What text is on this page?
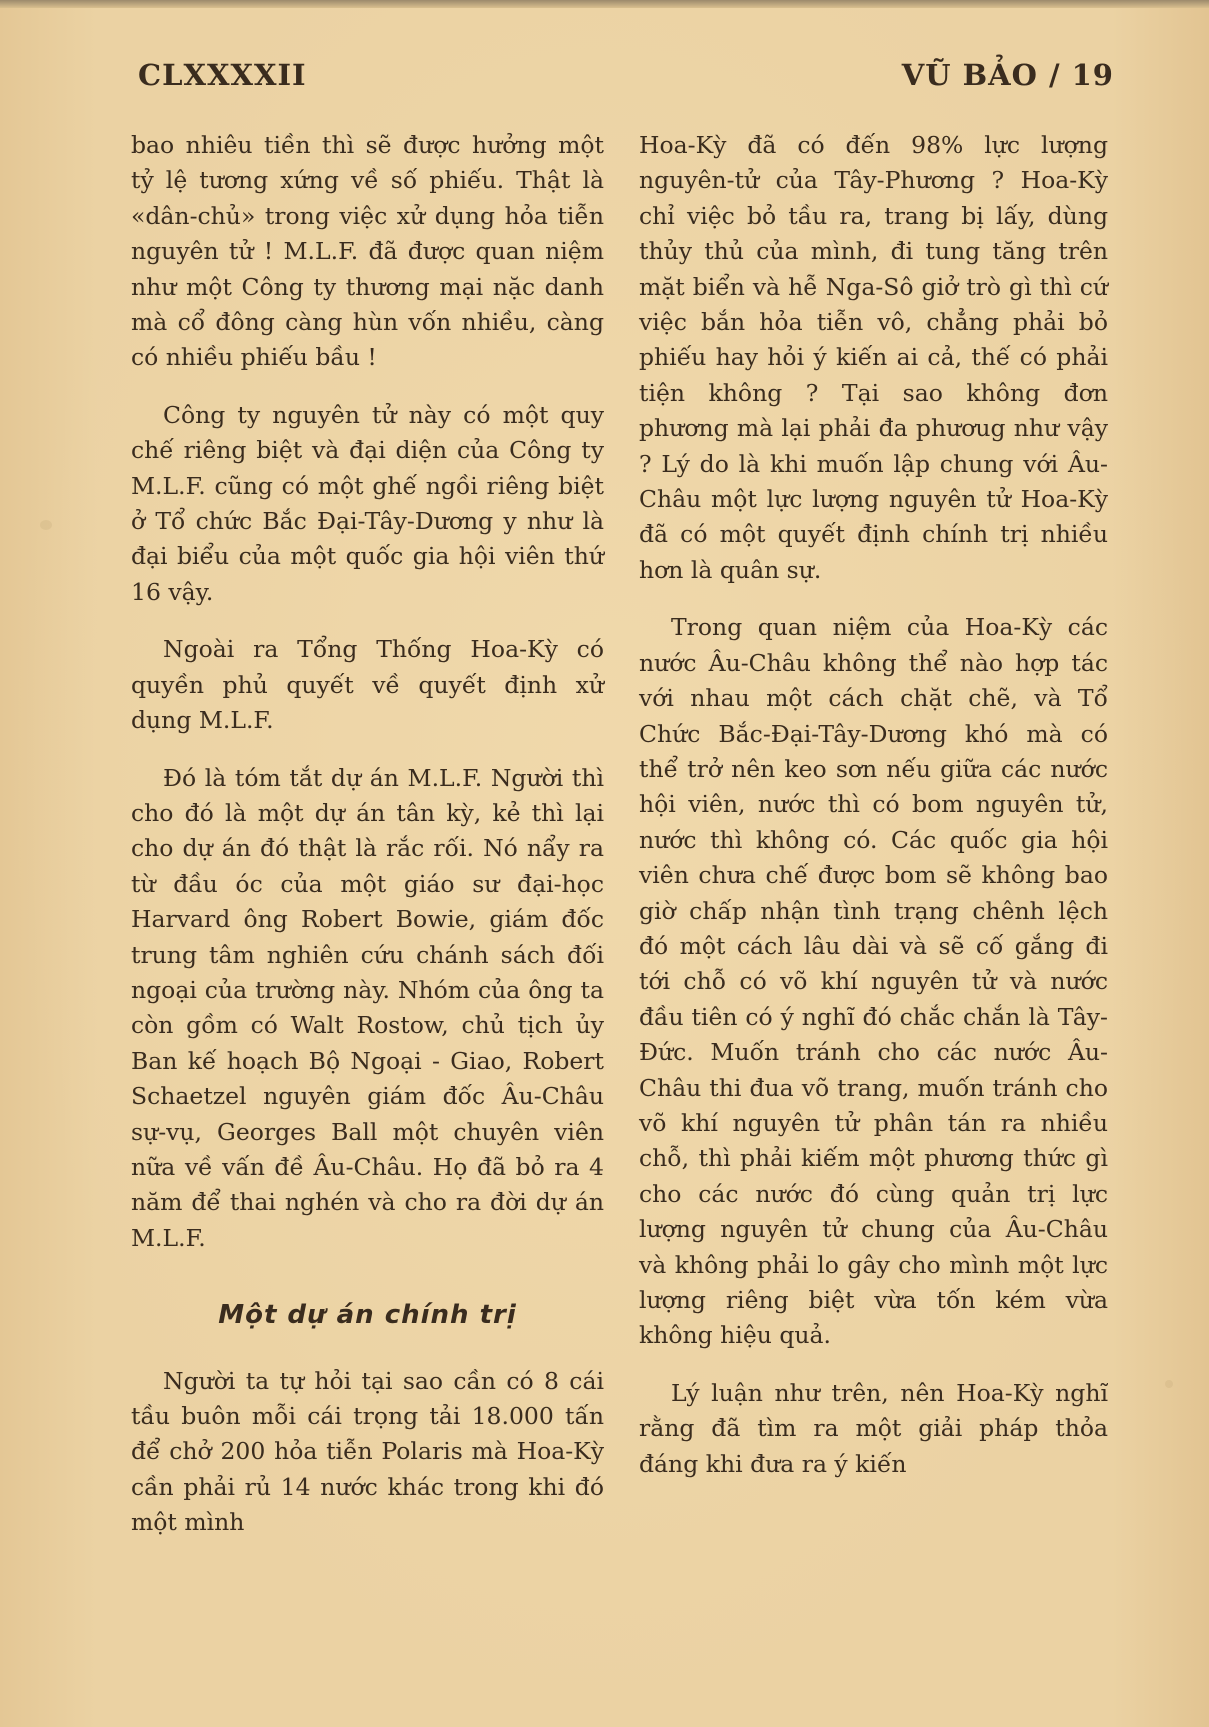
CLXXXXII	VŨ BẢO / 19

bao nhiêu tiền thì sẽ được hưởng một tỷ lệ tương xứng về số phiếu. Thật là «dân-chủ» trong việc xử dụng hỏa tiễn nguyên tử ! M.L.F. đã được quan niệm như một Công ty thương mại nặc danh mà cổ đông càng hùn vốn nhiều, càng có nhiều phiếu bầu !

Công ty nguyên tử này có một quy chế riêng biệt và đại diện của Công ty M.L.F. cũng có một ghế ngồi riêng biệt ở Tổ chức Bắc Đại-Tây-Dương y như là đại biểu của một quốc gia hội viên thứ 16 vậy.

Ngoài ra Tổng Thống Hoa-Kỳ có quyền phủ quyết về quyết định xử dụng M.L.F.

Đó là tóm tắt dự án M.L.F. Người thì cho đó là một dự án tân kỳ, kẻ thì lại cho dự án đó thật là rắc rối. Nó nẩy ra từ đầu óc của một giáo sư đại-học Harvard ông Robert Bowie, giám đốc trung tâm nghiên cứu chánh sách đối ngoại của trường này. Nhóm của ông ta còn gồm có Walt Rostow, chủ tịch ủy Ban kế hoạch Bộ Ngoại - Giao, Robert Schaetzel nguyên giám đốc Âu-Châu sự-vụ, Georges Ball một chuyên viên nữa về vấn đề Âu-Châu. Họ đã bỏ ra 4 năm để thai nghén và cho ra đời dự án M.L.F.

Một dự án chính trị

Người ta tự hỏi tại sao cần có 8 cái tầu buôn mỗi cái trọng tải 18.000 tấn để chở 200 hỏa tiễn Polaris mà Hoa-Kỳ cần phải rủ 14 nước khác trong khi đó một mình

Hoa-Kỳ đã có đến 98% lực lượng nguyên-tử của Tây-Phương ? Hoa-Kỳ chỉ việc bỏ tầu ra, trang bị lấy, dùng thủy thủ của mình, đi tung tăng trên mặt biển và hễ Nga-Sô giở trò gì thì cứ việc bắn hỏa tiễn vô, chẳng phải bỏ phiếu hay hỏi ý kiến ai cả, thế có phải tiện không ? Tại sao không đơn phương mà lại phải đa phươug như vậy ? Lý do là khi muốn lập chung với Âu-Châu một lực lượng nguyên tử Hoa-Kỳ đã có một quyết định chính trị nhiều hơn là quân sự.

Trong quan niệm của Hoa-Kỳ các nước Âu-Châu không thể nào hợp tác với nhau một cách chặt chẽ, và Tổ Chức Bắc-Đại-Tây-Dương khó mà có thể trở nên keo sơn nếu giữa các nước hội viên, nước thì có bom nguyên tử, nước thì không có. Các quốc gia hội viên chưa chế được bom sẽ không bao giờ chấp nhận tình trạng chênh lệch đó một cách lâu dài và sẽ cố gắng đi tới chỗ có võ khí nguyên tử và nước đầu tiên có ý nghĩ đó chắc chắn là Tây-Đức. Muốn tránh cho các nước Âu-Châu thi đua võ trang, muốn tránh cho võ khí nguyên tử phân tán ra nhiều chỗ, thì phải kiếm một phương thức gì cho các nước đó cùng quản trị lực lượng nguyên tử chung của Âu-Châu và không phải lo gây cho mình một lực lượng riêng biệt vừa tốn kém vừa không hiệu quả.

Lý luận như trên, nên Hoa-Kỳ nghĩ rằng đã tìm ra một giải pháp thỏa đáng khi đưa ra ý kiến
